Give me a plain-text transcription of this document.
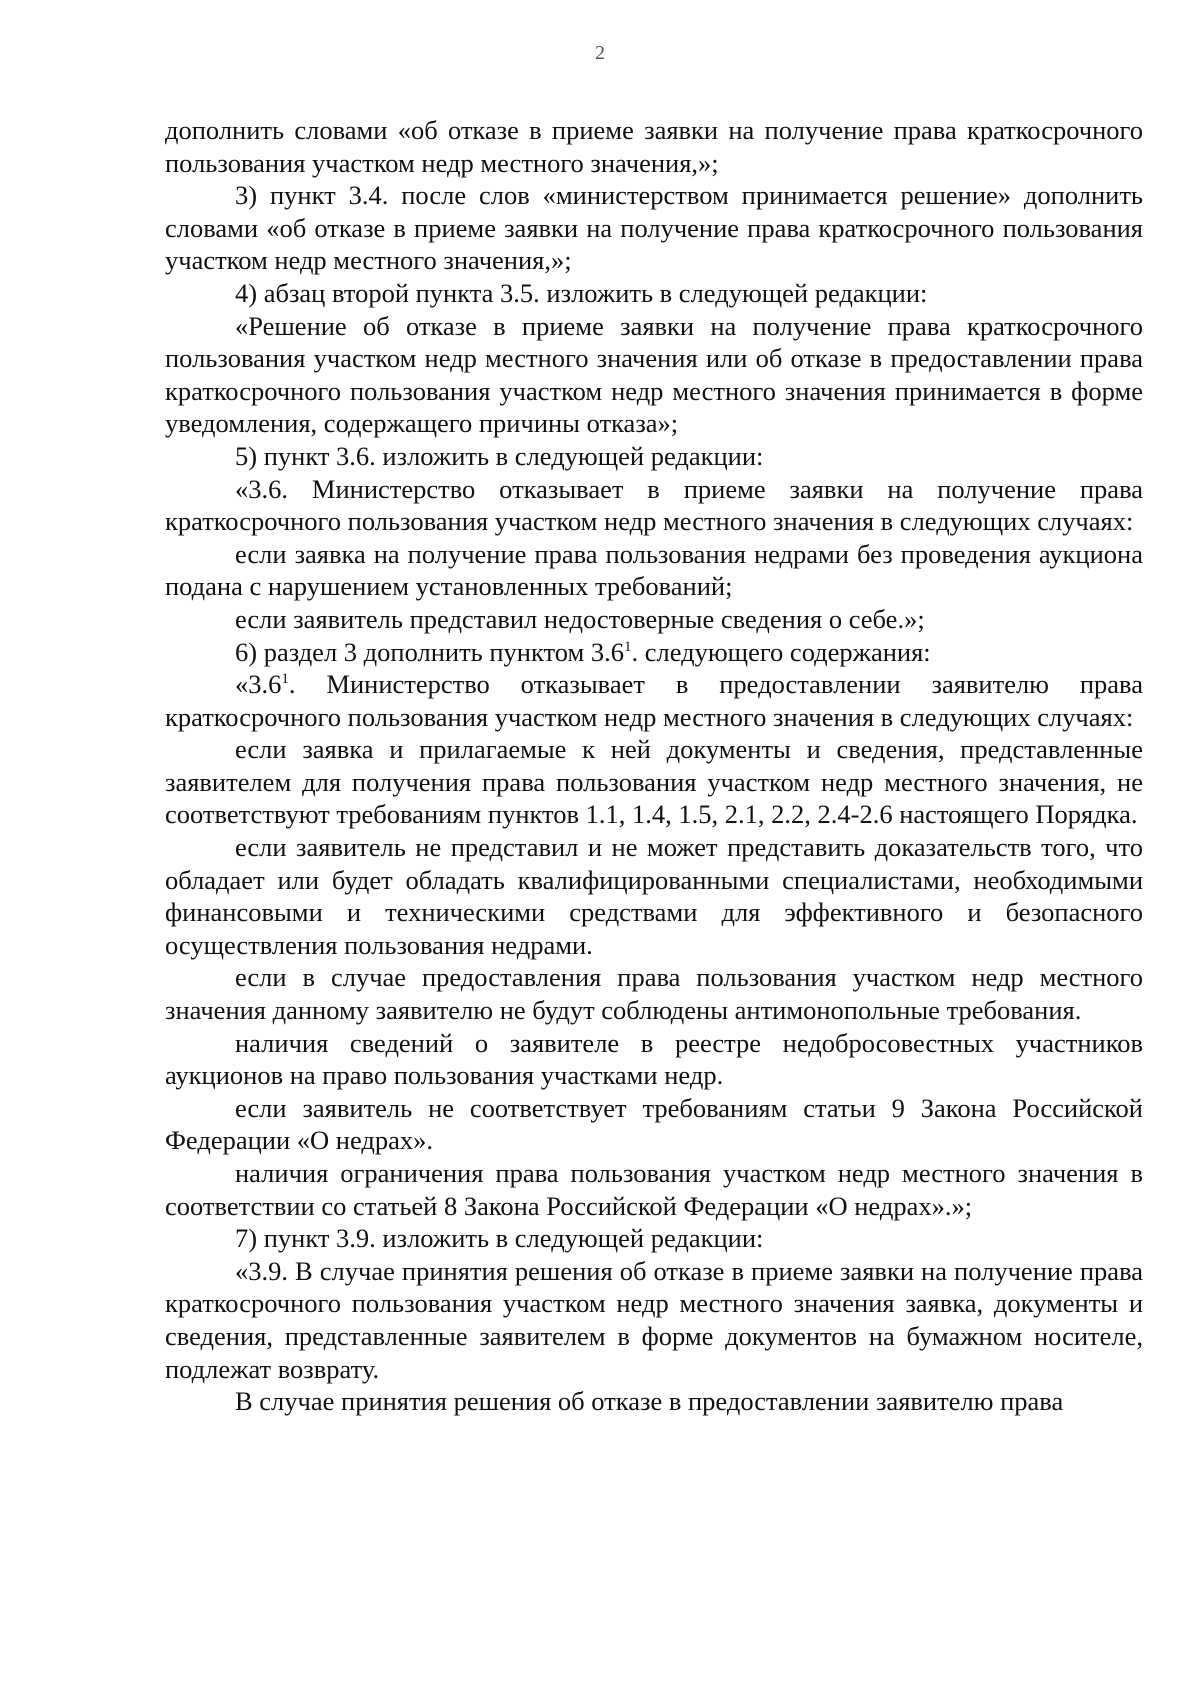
2

дополнить словами «об отказе в приеме заявки на получение права краткосрочного пользования участком недр местного значения,»;

3) пункт 3.4. после слов «министерством принимается решение» дополнить словами «об отказе в приеме заявки на получение права краткосрочного пользования участком недр местного значения,»;

4) абзац второй пункта 3.5. изложить в следующей редакции:

«Решение об отказе в приеме заявки на получение права краткосрочного пользования участком недр местного значения или об отказе в предоставлении права краткосрочного пользования участком недр местного значения принимается в форме уведомления, содержащего причины отказа»;

5) пункт 3.6. изложить в следующей редакции:

«3.6. Министерство отказывает в приеме заявки на получение права краткосрочного пользования участком недр местного значения в следующих случаях:

если заявка на получение права пользования недрами без проведения аукциона подана с нарушением установленных требований;

если заявитель представил недостоверные сведения о себе.»;

6) раздел 3 дополнить пунктом $3.6^1$. следующего содержания:

«$3.6^1$. Министерство отказывает в предоставлении заявителю права краткосрочного пользования участком недр местного значения в следующих случаях:

если заявка и прилагаемые к ней документы и сведения, представленные заявителем для получения права пользования участком недр местного значения, не соответствуют требованиям пунктов 1.1, 1.4, 1.5, 2.1, 2.2, 2.4-2.6 настоящего Порядка.

если заявитель не представил и не может представить доказательств того, что обладает или будет обладать квалифицированными специалистами, необходимыми финансовыми и техническими средствами для эффективного и безопасного осуществления пользования недрами.

если в случае предоставления права пользования участком недр местного значения данному заявителю не будут соблюдены антимонопольные требования.

наличия сведений о заявителе в реестре недобросовестных участников аукционов на право пользования участками недр.

если заявитель не соответствует требованиям статьи 9 Закона Российской Федерации «О недрах».

наличия ограничения права пользования участком недр местного значения в соответствии со статьей 8 Закона Российской Федерации «О недрах».»;

7) пункт 3.9. изложить в следующей редакции:

«3.9. В случае принятия решения об отказе в приеме заявки на получение права краткосрочного пользования участком недр местного значения заявка, документы и сведения, представленные заявителем в форме документов на бумажном носителе, подлежат возврату.

В случае принятия решения об отказе в предоставлении заявителю права
